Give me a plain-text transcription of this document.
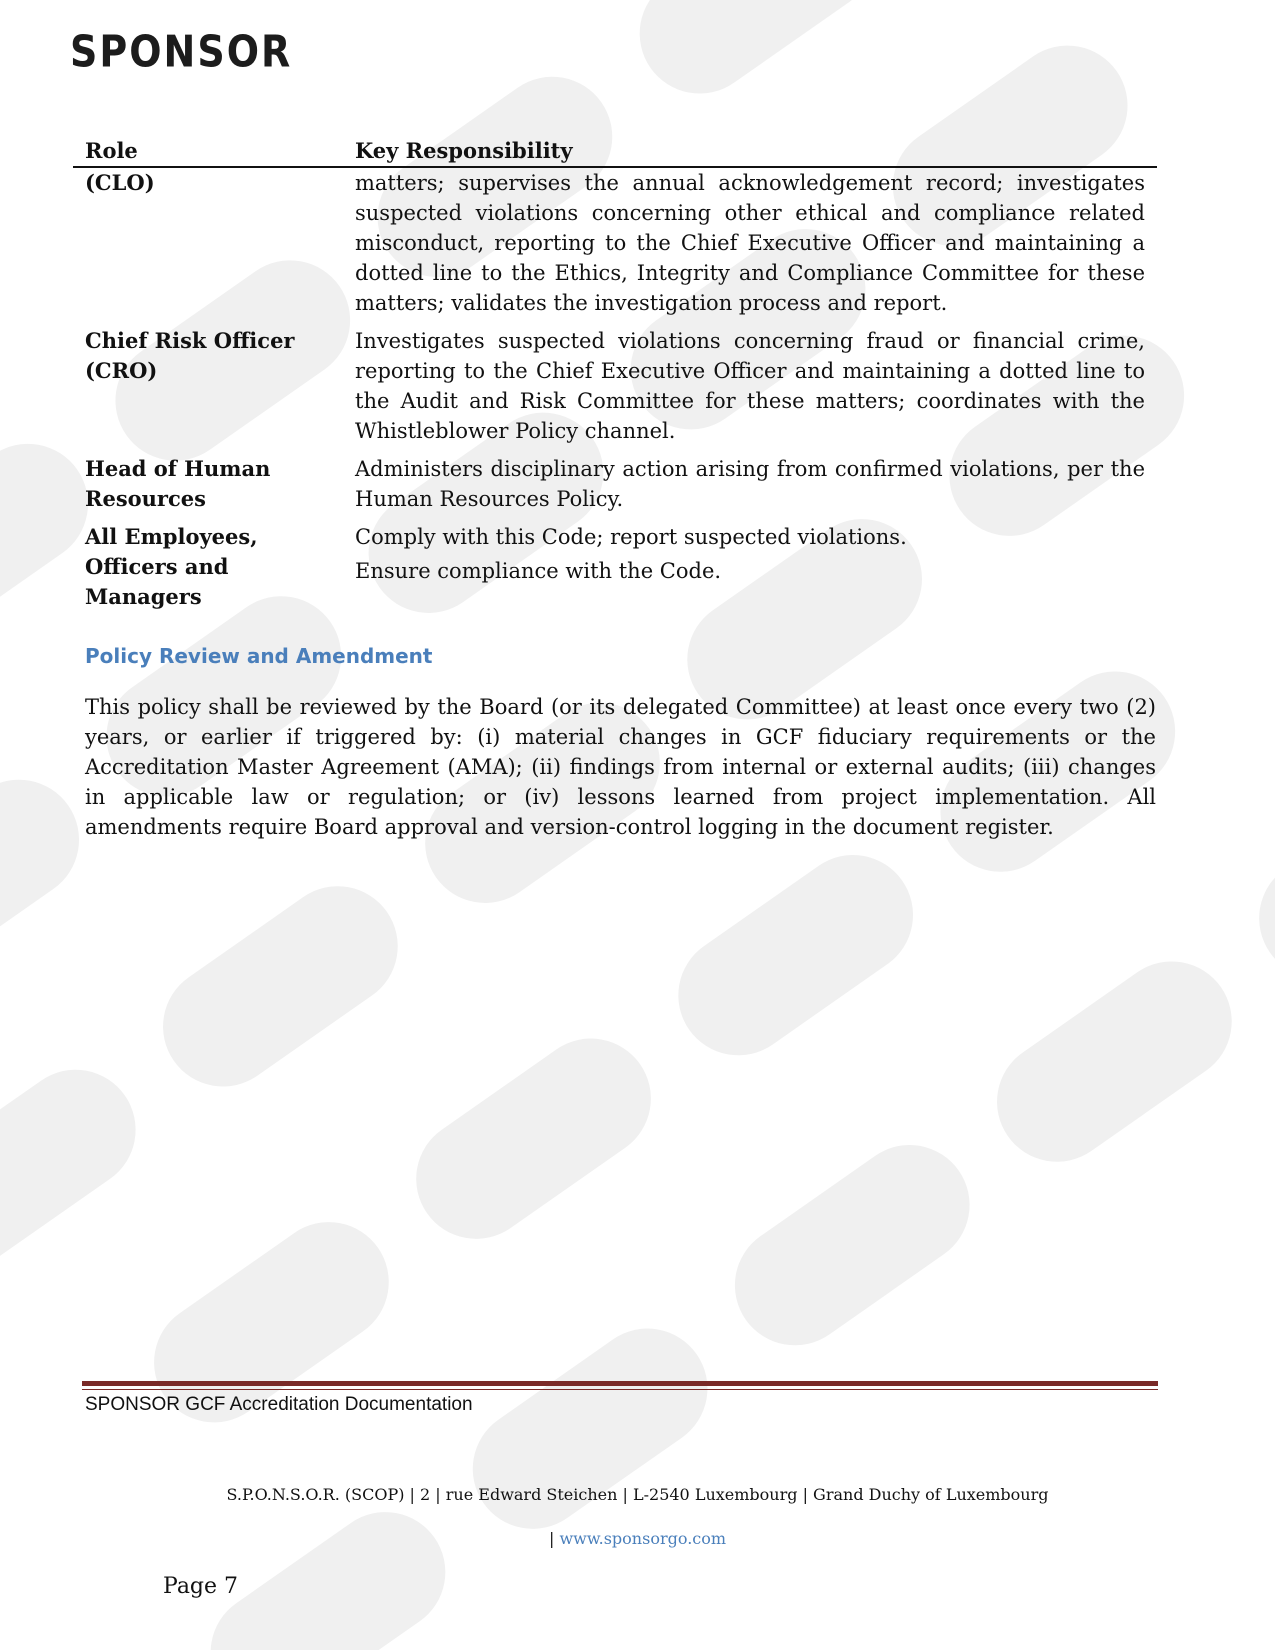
SPONSOR
Role	Key Responsibility
(CLO)	matters; supervises the annual acknowledgement record; investigates suspected violations concerning other ethical and compliance related misconduct, reporting to the Chief Executive Officer and maintaining a dotted line to the Ethics, Integrity and Compliance Committee for these matters; validates the investigation process and report.

Chief Risk Officer (CRO)	Investigates suspected violations concerning fraud or financial crime, reporting to the Chief Executive Officer and maintaining a dotted line to the Audit and Risk Committee for these matters; coordinates with the Whistleblower Policy channel.

Head of Human Resources	Administers disciplinary action arising from confirmed violations, per the Human Resources Policy.

All Employees, Officers and Managers	Comply with this Code; report suspected violations.
Ensure compliance with the Code.
Policy Review and Amendment

This policy shall be reviewed by the Board (or its delegated Committee) at least once every two (2) years, or earlier if triggered by: (i) material changes in GCF fiduciary requirements or the Accreditation Master Agreement (AMA); (ii) findings from internal or external audits; (iii) changes in applicable law or regulation; or (iv) lessons learned from project implementation. All amendments require Board approval and version-control logging in the document register.

SPONSOR GCF Accreditation Documentation
S.P.O.N.S.O.R. (SCOP) | 2 | rue Edward Steichen | L-2540 Luxembourg | Grand Duchy of Luxembourg
| www.sponsorgo.com
Page 7
